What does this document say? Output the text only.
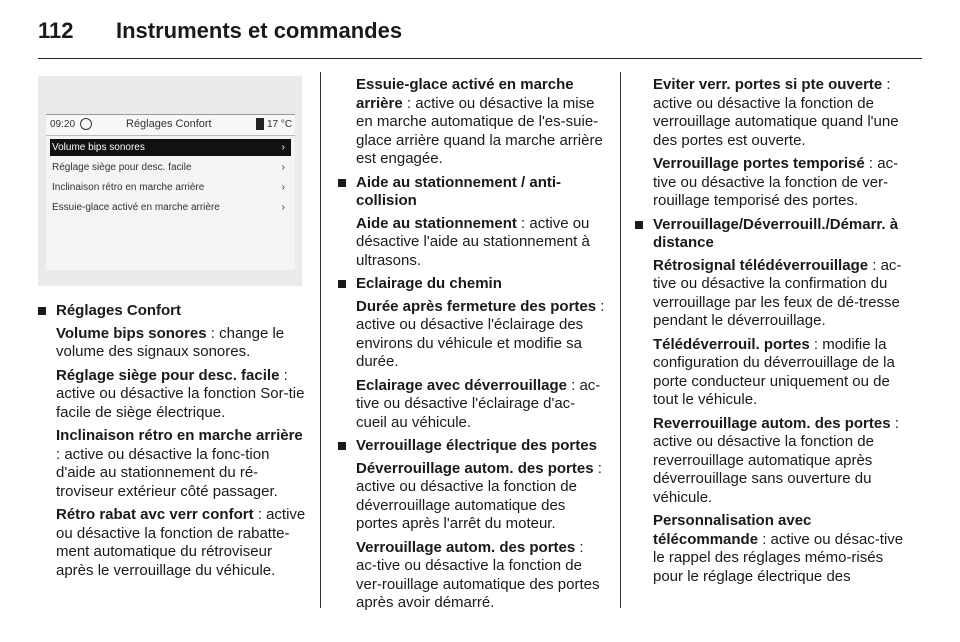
112 Instruments et commandes
09:20	Réglages Confort	17 °C
Volume bips sonores	›
Réglage siège pour desc. facile	›
Inclinaison rétro en marche arrière	›
Essuie-glace activé en marche arrière	›
Réglages Confort

Volume bips sonores : change le volume des signaux sonores.

Réglage siège pour desc. facile : active ou désactive la fonction Sor-tie facile de siège électrique.

Inclinaison rétro en marche arrière : active ou désactive la fonc-tion d'aide au stationnement du ré-troviseur extérieur côté passager.

Rétro rabat avc verr confort : active ou désactive la fonction de rabatte-ment automatique du rétroviseur après le verrouillage du véhicule.

Essuie-glace activé en marche arrière : active ou désactive la mise en marche automatique de l'es-suie-glace arrière quand la marche arrière est engagée.

Aide au stationnement / anti-collision

Aide au stationnement : active ou désactive l'aide au stationnement à ultrasons.

Eclairage du chemin

Durée après fermeture des portes : active ou désactive l'éclairage des environs du véhicule et modifie sa durée.

Eclairage avec déverrouillage : ac-tive ou désactive l'éclairage d'ac-cueil au véhicule.

Verrouillage électrique des portes

Déverrouillage autom. des portes : active ou désactive la fonction de déverrouillage automatique des portes après l'arrêt du moteur.

Verrouillage autom. des portes : ac-tive ou désactive la fonction de ver-rouillage automatique des portes après avoir démarré.

Eviter verr. portes si pte ouverte : active ou désactive la fonction de verrouillage automatique quand l'une des portes est ouverte.

Verrouillage portes temporisé : ac-tive ou désactive la fonction de ver-rouillage temporisé des portes.

Verrouillage/Déverrouill./Démarr. à distance

Rétrosignal télédéverrouillage : ac-tive ou désactive la confirmation du verrouillage par les feux de dé-tresse pendant le déverrouillage.

Télédéverrouil. portes : modifie la configuration du déverrouillage de la porte conducteur uniquement ou de tout le véhicule.

Reverrouillage autom. des portes : active ou désactive la fonction de reverrouillage automatique après déverrouillage sans ouverture du véhicule.

Personnalisation avec télécommande : active ou désac-tive le rappel des réglages mémo-risés pour le réglage électrique des
